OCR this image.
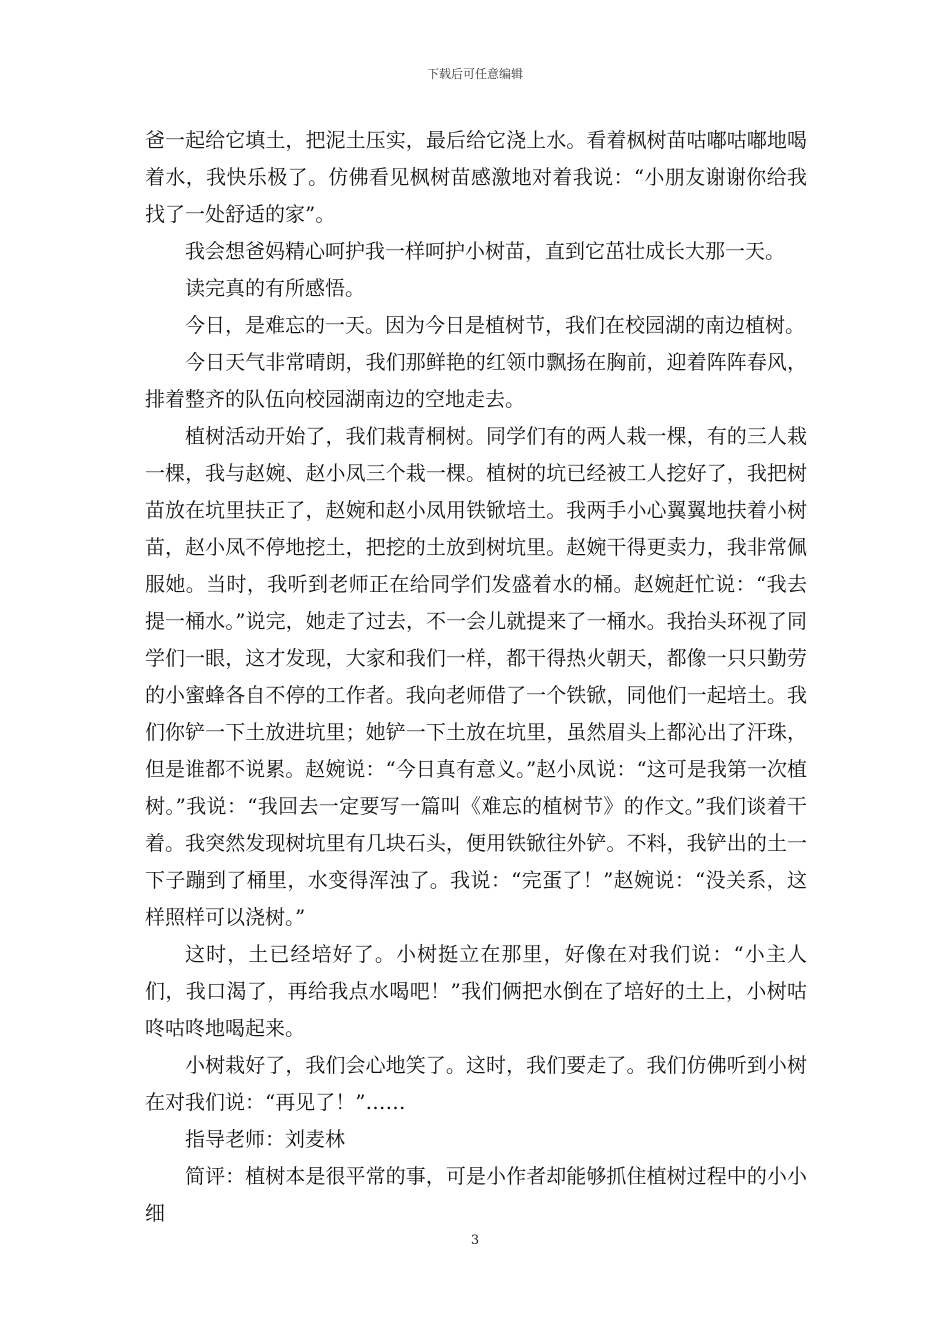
下载后可任意编辑

爸一起给它填土，把泥土压实，最后给它浇上水。看着枫树苗咕嘟咕嘟地喝着水，我快乐极了。仿佛看见枫树苗感激地对着我说：“小朋友谢谢你给我找了一处舒适的家”。

我会想爸妈精心呵护我一样呵护小树苗，直到它茁壮成长大那一天。

读完真的有所感悟。

今日，是难忘的一天。因为今日是植树节，我们在校园湖的南边植树。

今日天气非常晴朗，我们那鲜艳的红领巾飘扬在胸前，迎着阵阵春风，排着整齐的队伍向校园湖南边的空地走去。

植树活动开始了，我们栽青桐树。同学们有的两人栽一棵，有的三人栽一棵，我与赵婉、赵小凤三个栽一棵。植树的坑已经被工人挖好了，我把树苗放在坑里扶正了，赵婉和赵小凤用铁锨培土。我两手小心翼翼地扶着小树苗，赵小凤不停地挖土，把挖的土放到树坑里。赵婉干得更卖力，我非常佩服她。当时，我听到老师正在给同学们发盛着水的桶。赵婉赶忙说：“我去提一桶水。”说完，她走了过去，不一会儿就提来了一桶水。我抬头环视了同学们一眼，这才发现，大家和我们一样，都干得热火朝天，都像一只只勤劳的小蜜蜂各自不停的工作者。我向老师借了一个铁锨，同他们一起培土。我们你铲一下土放进坑里；她铲一下土放在坑里，虽然眉头上都沁出了汗珠，但是谁都不说累。赵婉说：“今日真有意义。”赵小凤说：“这可是我第一次植树。”我说：“我回去一定要写一篇叫《难忘的植树节》的作文。”我们谈着干着。我突然发现树坑里有几块石头，便用铁锨往外铲。不料，我铲出的土一下子蹦到了桶里，水变得浑浊了。我说：“完蛋了！”赵婉说：“没关系，这样照样可以浇树。”

这时，土已经培好了。小树挺立在那里，好像在对我们说：“小主人们，我口渴了，再给我点水喝吧！”我们俩把水倒在了培好的土上，小树咕咚咕咚地喝起来。

小树栽好了，我们会心地笑了。这时，我们要走了。我们仿佛听到小树在对我们说：“再见了！”……

指导老师：刘麦林

简评：植树本是很平常的事，可是小作者却能够抓住植树过程中的小小细

3
